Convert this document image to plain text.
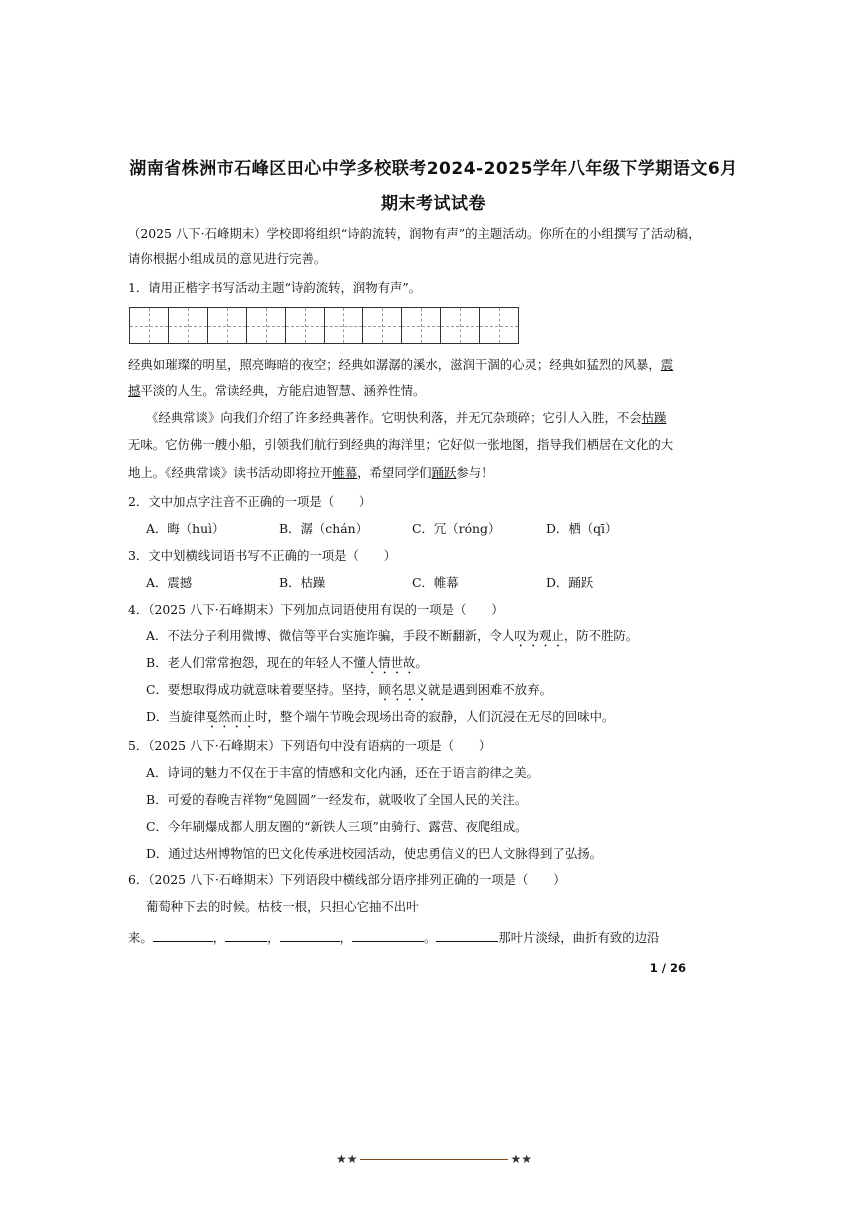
湖南省株洲市石峰区田心中学多校联考2024-2025学年八年级下学期语文6月
期末考试试卷
（2025 八下·石峰期末）学校即将组织“诗韵流转，润物有声”的主题活动。你所在的小组撰写了活动稿，
请你根据小组成员的意见进行完善。
1．请用正楷字书写活动主题“诗韵流转，润物有声”。
经典如璀璨的明星，照亮晦暗的夜空；经典如潺潺的溪水，滋润干涸的心灵；经典如猛烈的风暴，震
撼平淡的人生。常读经典，方能启迪智慧、涵养性情。
《经典常谈》向我们介绍了许多经典著作。它明快利落，并无冗杂琐碎；它引人入胜，不会枯躁
无味。它仿佛一艘小船，引领我们航行到经典的海洋里；它好似一张地图，指导我们栖居在文化的大
地上。《经典常谈》读书活动即将拉开帷幕，希望同学们踊跃参与！
2．文中加点字注音不正确的一项是（　　）
A．晦（huì）	B．潺（chán）	C．冗（róng）	D．栖（qī）
3．文中划横线词语书写不正确的一项是（　　）
A．震撼	B．枯躁	C．帷幕	D．踊跃
4．（2025 八下·石峰期末）下列加点词语使用有误的一项是（　　）
A．不法分子利用微博、微信等平台实施诈骗，手段不断翻新，令人叹为观止，防不胜防。
B．老人们常常抱怨，现在的年轻人不懂人情世故。
C．要想取得成功就意味着要坚持。坚持，顾名思义就是遇到困难不放弃。
D．当旋律戛然而止时，整个端午节晚会现场出奇的寂静，人们沉浸在无尽的回味中。
5．（2025 八下·石峰期末）下列语句中没有语病的一项是（　　）
A．诗词的魅力不仅在于丰富的情感和文化内涵，还在于语言韵律之美。
B．可爱的春晚吉祥物“兔圆圆”一经发布，就吸收了全国人民的关注。
C．今年刷爆成都人朋友圈的“新铁人三项”由骑行、露营、夜爬组成。
D．通过达州博物馆的巴文化传承进校园活动，使忠勇信义的巴人文脉得到了弘扬。
6．（2025 八下·石峰期末）下列语段中横线部分语序排列正确的一项是（　　）
葡萄种下去的时候。枯枝一根，只担心它抽不出叶
来。	，	，	，	。	那叶片淡绿，曲折有致的边沿
1 / 26
★★	★★
